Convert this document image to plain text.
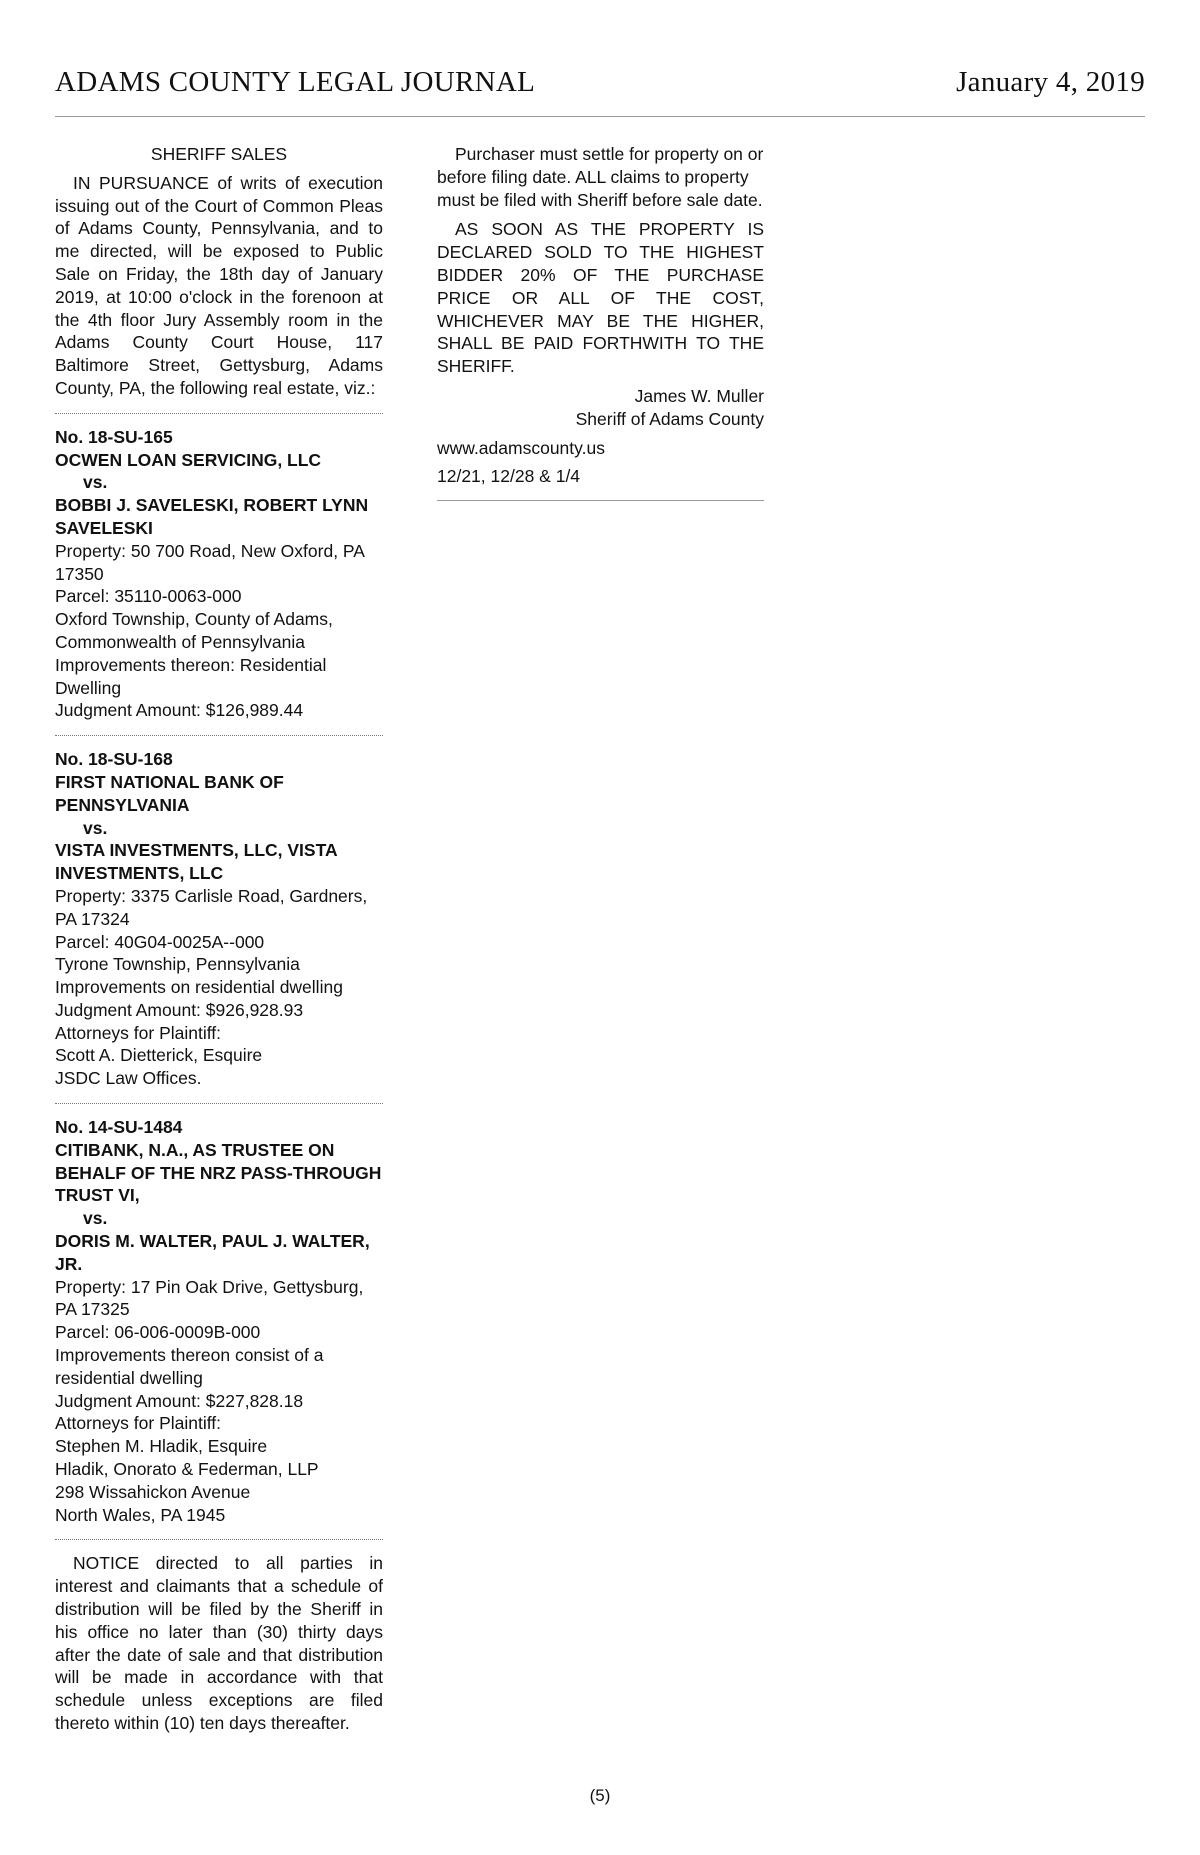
ADAMS COUNTY LEGAL JOURNAL	January 4, 2019

SHERIFF SALES

IN PURSUANCE of writs of execution issuing out of the Court of Common Pleas of Adams County, Pennsylvania, and to me directed, will be exposed to Public Sale on Friday, the 18th day of January 2019, at 10:00 o'clock in the forenoon at the 4th floor Jury Assembly room in the Adams County Court House, 117 Baltimore Street, Gettysburg, Adams County, PA, the following real estate, viz.:

No. 18-SU-165

OCWEN LOAN SERVICING, LLC

vs.

BOBBI J. SAVELESKI, ROBERT LYNN SAVELESKI

Property: 50 700 Road, New Oxford, PA 17350

Parcel: 35110-0063-000

Oxford Township, County of Adams, Commonwealth of Pennsylvania

Improvements thereon: Residential Dwelling

Judgment Amount: $126,989.44

No. 18-SU-168

FIRST NATIONAL BANK OF PENNSYLVANIA

vs.

VISTA INVESTMENTS, LLC, VISTA INVESTMENTS, LLC

Property: 3375 Carlisle Road, Gardners, PA 17324

Parcel: 40G04-0025A--000

Tyrone Township, Pennsylvania

Improvements on residential dwelling

Judgment Amount: $926,928.93

Attorneys for Plaintiff:

Scott A. Dietterick, Esquire

JSDC Law Offices.

No. 14-SU-1484

CITIBANK, N.A., AS TRUSTEE ON BEHALF OF THE NRZ PASS-THROUGH TRUST VI,

vs.

DORIS M. WALTER, PAUL J. WALTER, JR.

Property: 17 Pin Oak Drive, Gettysburg, PA 17325

Parcel: 06-006-0009B-000

Improvements thereon consist of a residential dwelling

Judgment Amount: $227,828.18

Attorneys for Plaintiff:

Stephen M. Hladik, Esquire

Hladik, Onorato & Federman, LLP

298 Wissahickon Avenue

North Wales, PA 1945

NOTICE directed to all parties in interest and claimants that a schedule of distribution will be filed by the Sheriff in his office no later than (30) thirty days after the date of sale and that distribution will be made in accordance with that schedule unless exceptions are filed thereto within (10) ten days thereafter.

Purchaser must settle for property on or before filing date. ALL claims to property must be filed with Sheriff before sale date.

AS SOON AS THE PROPERTY IS DECLARED SOLD TO THE HIGHEST BIDDER 20% OF THE PURCHASE PRICE OR ALL OF THE COST, WHICHEVER MAY BE THE HIGHER, SHALL BE PAID FORTHWITH TO THE SHERIFF.

James W. Muller

Sheriff of Adams County

www.adamscounty.us

12/21, 12/28 & 1/4

(5)
